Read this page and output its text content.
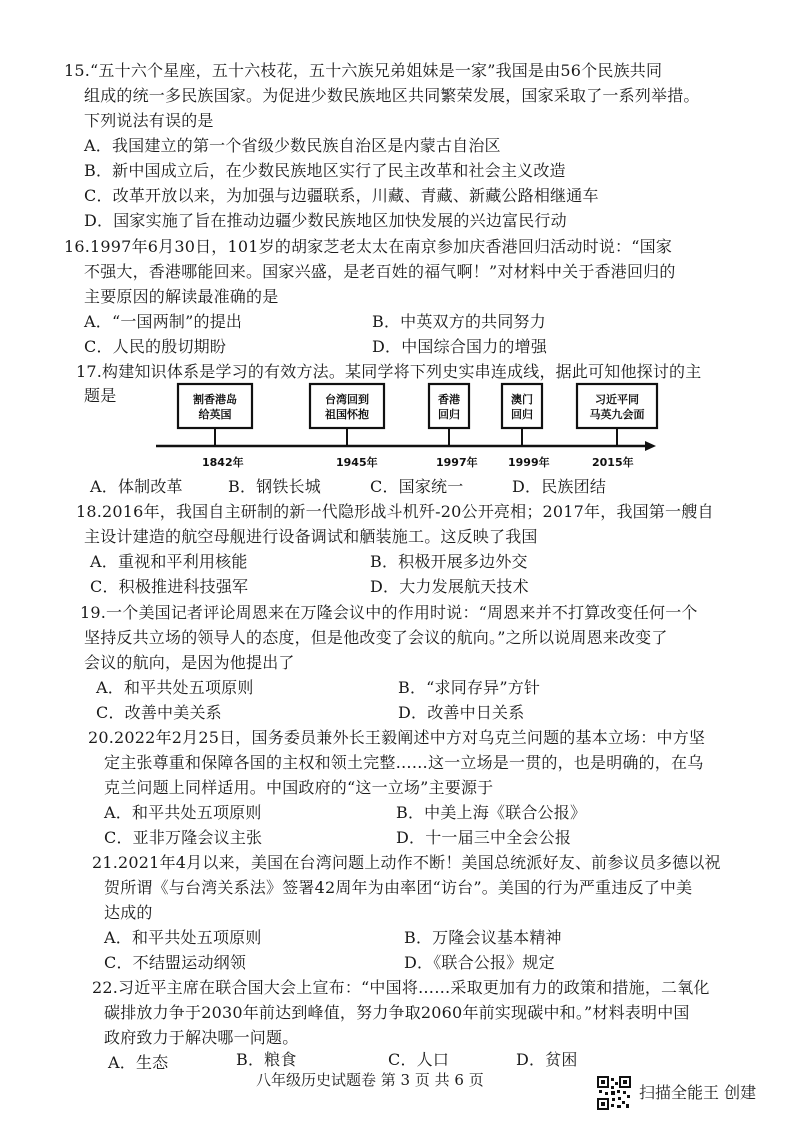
15.“五十六个星座，五十六枝花，五十六族兄弟姐妹是一家”我国是由56个民族共同
组成的统一多民族国家。为促进少数民族地区共同繁荣发展，国家采取了一系列举措。
下列说法有误的是
A．我国建立的第一个省级少数民族自治区是内蒙古自治区
B．新中国成立后，在少数民族地区实行了民主改革和社会主义改造
C．改革开放以来，为加强与边疆联系，川藏、青藏、新藏公路相继通车
D．国家实施了旨在推动边疆少数民族地区加快发展的兴边富民行动
16.1997年6月30日，101岁的胡家芝老太太在南京参加庆香港回归活动时说：“国家
不强大，香港哪能回来。国家兴盛，是老百姓的福气啊！”对材料中关于香港回归的
主要原因的解读最准确的是
A．“一国两制”的提出	B．中英双方的共同努力
C．人民的殷切期盼	D．中国综合国力的增强
17.构建知识体系是学习的有效方法。某同学将下列史实串连成线，据此可知他探讨的主
题是	割香港岛
给英国
1842年
台湾回到
祖国怀抱
1945年
香港
回归
1997年
澳门
回归
1999年
习近平同
马英九会面
2015年
A．体制改革	B．钢铁长城	C．国家统一	D．民族团结
18.2016年，我国自主研制的新一代隐形战斗机歼-20公开亮相；2017年，我国第一艘自
主设计建造的航空母舰进行设备调试和舾装施工。这反映了我国
A．重视和平利用核能	B．积极开展多边外交
C．积极推进科技强军	D．大力发展航天技术
19.一个美国记者评论周恩来在万隆会议中的作用时说：“周恩来并不打算改变任何一个
坚持反共立场的领导人的态度，但是他改变了会议的航向。”之所以说周恩来改变了
会议的航向，是因为他提出了
A．和平共处五项原则	B．“求同存异”方针
C．改善中美关系	D．改善中日关系
20.2022年2月25日，国务委员兼外长王毅阐述中方对乌克兰问题的基本立场：中方坚
定主张尊重和保障各国的主权和领土完整……这一立场是一贯的，也是明确的，在乌
克兰问题上同样适用。中国政府的“这一立场”主要源于
A．和平共处五项原则	B．中美上海《联合公报》
C．亚非万隆会议主张	D．十一届三中全会公报
21.2021年4月以来，美国在台湾问题上动作不断！美国总统派好友、前参议员多德以祝
贺所谓《与台湾关系法》签署42周年为由率团“访台”。美国的行为严重违反了中美
达成的
A．和平共处五项原则	B．万隆会议基本精神
C．不结盟运动纲领	D．《联合公报》规定
22.习近平主席在联合国大会上宣布：“中国将……采取更加有力的政策和措施，二氧化
碳排放力争于2030年前达到峰值，努力争取2060年前实现碳中和。”材料表明中国
政府致力于解决哪一问题。
A．生态	B．粮食	C．人口	D．贫困
八年级历史试题卷 第 3 页 共 6 页
扫描全能王 创建
